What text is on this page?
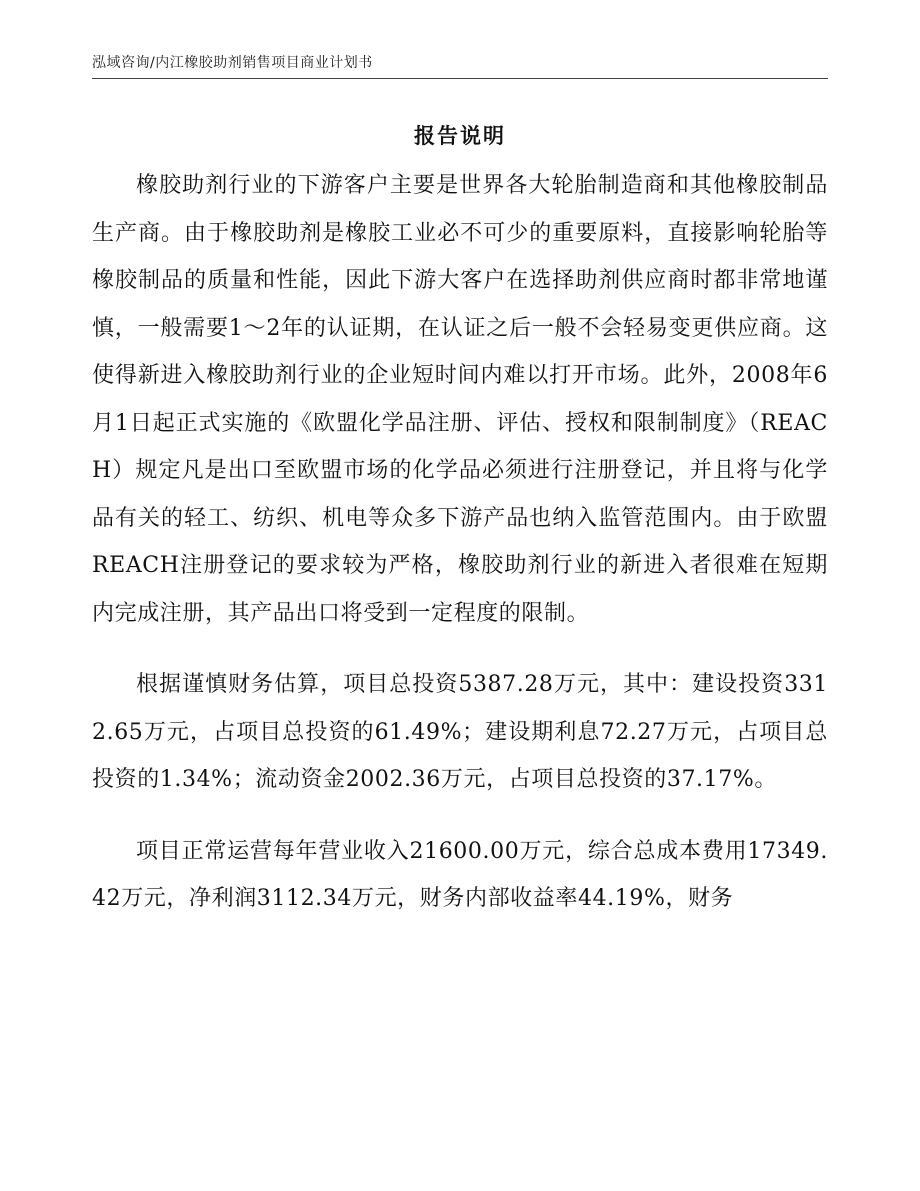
泓域咨询/内江橡胶助剂销售项目商业计划书
报告说明

橡胶助剂行业的下游客户主要是世界各大轮胎制造商和其他橡胶制品生产商。由于橡胶助剂是橡胶工业必不可少的重要原料，直接影响轮胎等橡胶制品的质量和性能，因此下游大客户在选择助剂供应商时都非常地谨慎，一般需要1～2年的认证期，在认证之后一般不会轻易变更供应商。这使得新进入橡胶助剂行业的企业短时间内难以打开市场。此外，2008年6月1日起正式实施的《欧盟化学品注册、评估、授权和限制制度》（REACH）规定凡是出口至欧盟市场的化学品必须进行注册登记，并且将与化学品有关的轻工、纺织、机电等众多下游产品也纳入监管范围内。由于欧盟REACH注册登记的要求较为严格，橡胶助剂行业的新进入者很难在短期内完成注册，其产品出口将受到一定程度的限制。

根据谨慎财务估算，项目总投资5387.28万元，其中：建设投资3312.65万元，占项目总投资的61.49%；建设期利息72.27万元，占项目总投资的1.34%；流动资金2002.36万元，占项目总投资的37.17%。

项目正常运营每年营业收入21600.00万元，综合总成本费用17349.42万元，净利润3112.34万元，财务内部收益率44.19%，财务
